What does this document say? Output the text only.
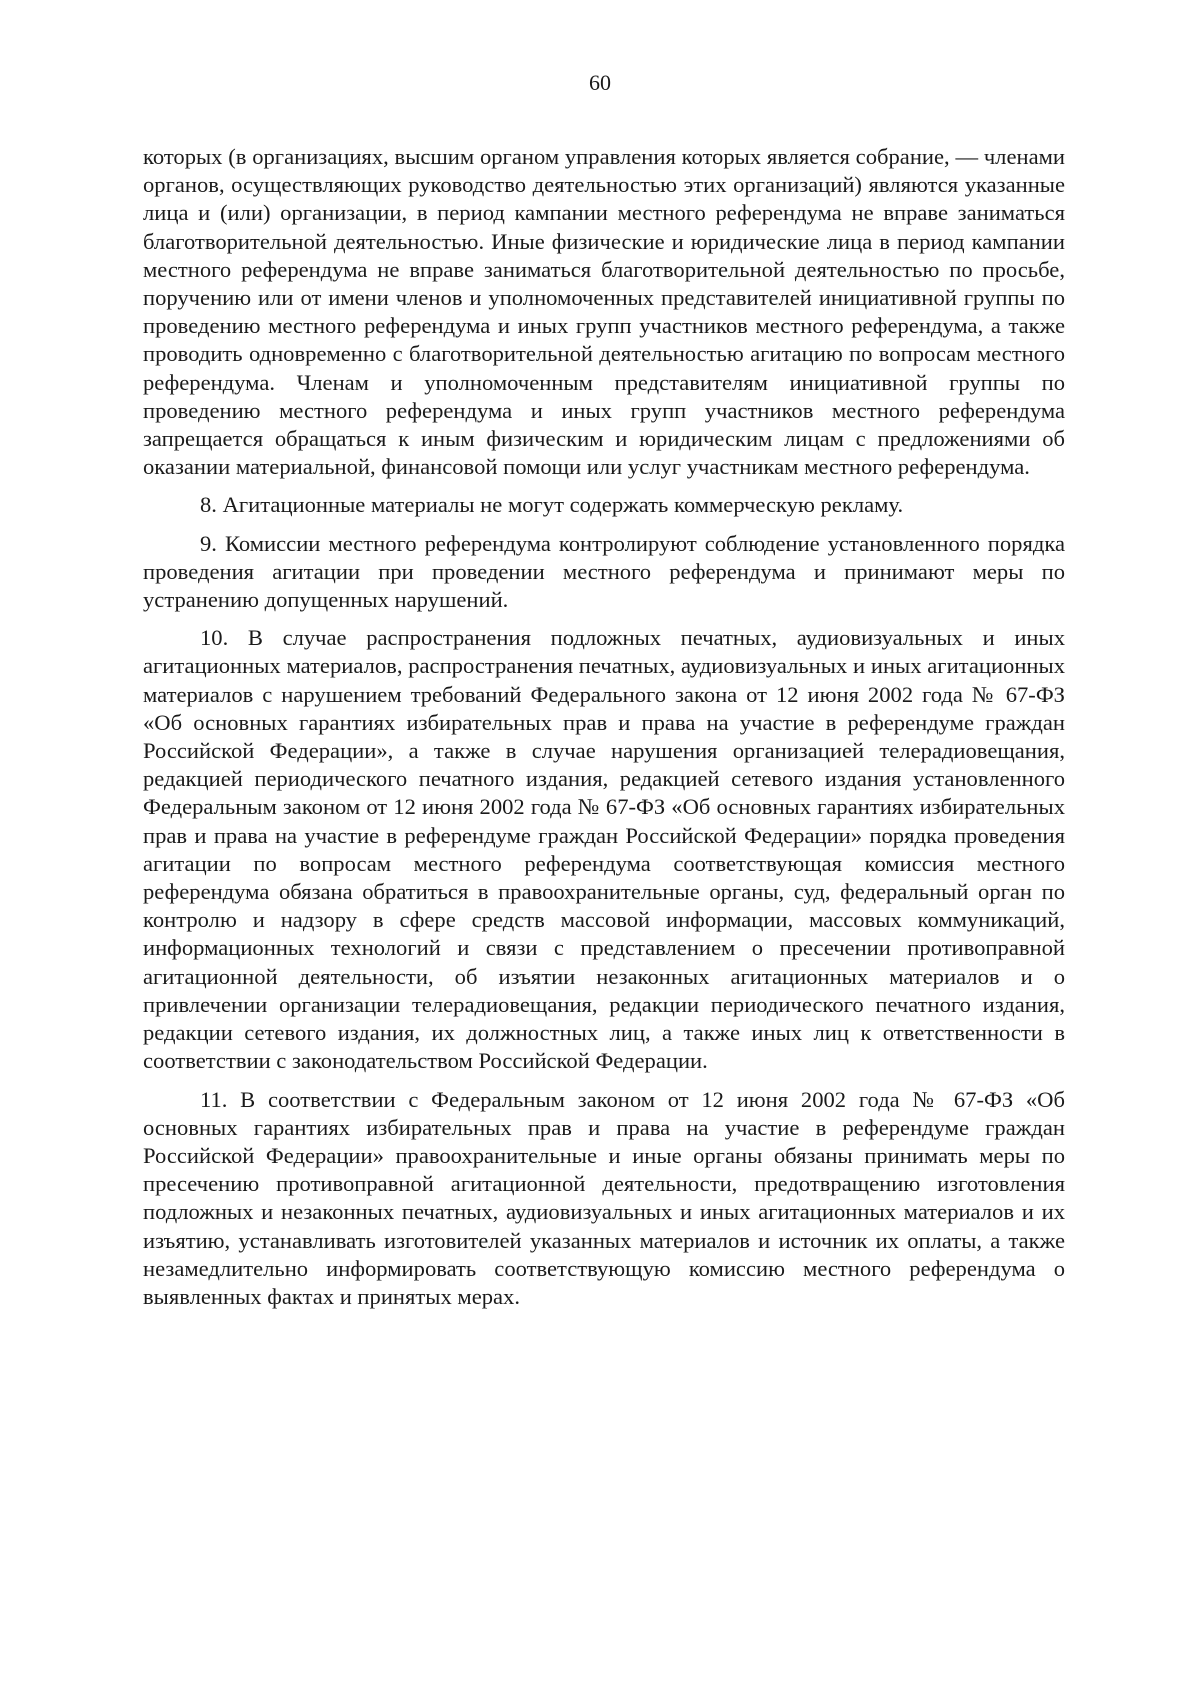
60

которых (в организациях, высшим органом управления которых является собрание, — членами органов, осуществляющих руководство деятельностью этих организаций) являются указанные лица и (или) организации, в период кампании местного референдума не вправе заниматься благотворительной деятельностью. Иные физические и юридические лица в период кампании местного референдума не вправе заниматься благотворительной деятельностью по просьбе, поручению или от имени членов и уполномоченных представителей инициативной группы по проведению местного референдума и иных групп участников местного референдума, а также проводить одновременно с благотворительной деятельностью агитацию по вопросам местного референдума. Членам и уполномоченным представителям инициативной группы по проведению местного референдума и иных групп участников местного референдума запрещается обращаться к иным физическим и юридическим лицам с предложениями об оказании материальной, финансовой помощи или услуг участникам местного референдума.

8. Агитационные материалы не могут содержать коммерческую рекламу.

9. Комиссии местного референдума контролируют соблюдение установленного порядка проведения агитации при проведении местного референдума и принимают меры по устранению допущенных нарушений.

10. В случае распространения подложных печатных, аудиовизуальных и иных агитационных материалов, распространения печатных, аудиовизуальных и иных агитационных материалов с нарушением требований Федерального закона от 12 июня 2002 года № 67-ФЗ «Об основных гарантиях избирательных прав и права на участие в референдуме граждан Российской Федерации», а также в случае нарушения организацией телерадиовещания, редакцией периодического печатного издания, редакцией сетевого издания установленного Федеральным законом от 12 июня 2002 года № 67-ФЗ «Об основных гарантиях избирательных прав и права на участие в референдуме граждан Российской Федерации» порядка проведения агитации по вопросам местного референдума соответствующая комиссия местного референдума обязана обратиться в правоохранительные органы, суд, федеральный орган по контролю и надзору в сфере средств массовой информации, массовых коммуникаций, информационных технологий и связи с представлением о пресечении противоправной агитационной деятельности, об изъятии незаконных агитационных материалов и о привлечении организации телерадиовещания, редакции периодического печатного издания, редакции сетевого издания, их должностных лиц, а также иных лиц к ответственности в соответствии с законодательством Российской Федерации.

11. В соответствии с Федеральным законом от 12 июня 2002 года № 67-ФЗ «Об основных гарантиях избирательных прав и права на участие в референдуме граждан Российской Федерации» правоохранительные и иные органы обязаны принимать меры по пресечению противоправной агитационной деятельности, предотвращению изготовления подложных и незаконных печатных, аудиовизуальных и иных агитационных материалов и их изъятию, устанавливать изготовителей указанных материалов и источник их оплаты, а также незамедлительно информировать соответствующую комиссию местного референдума о выявленных фактах и принятых мерах.
